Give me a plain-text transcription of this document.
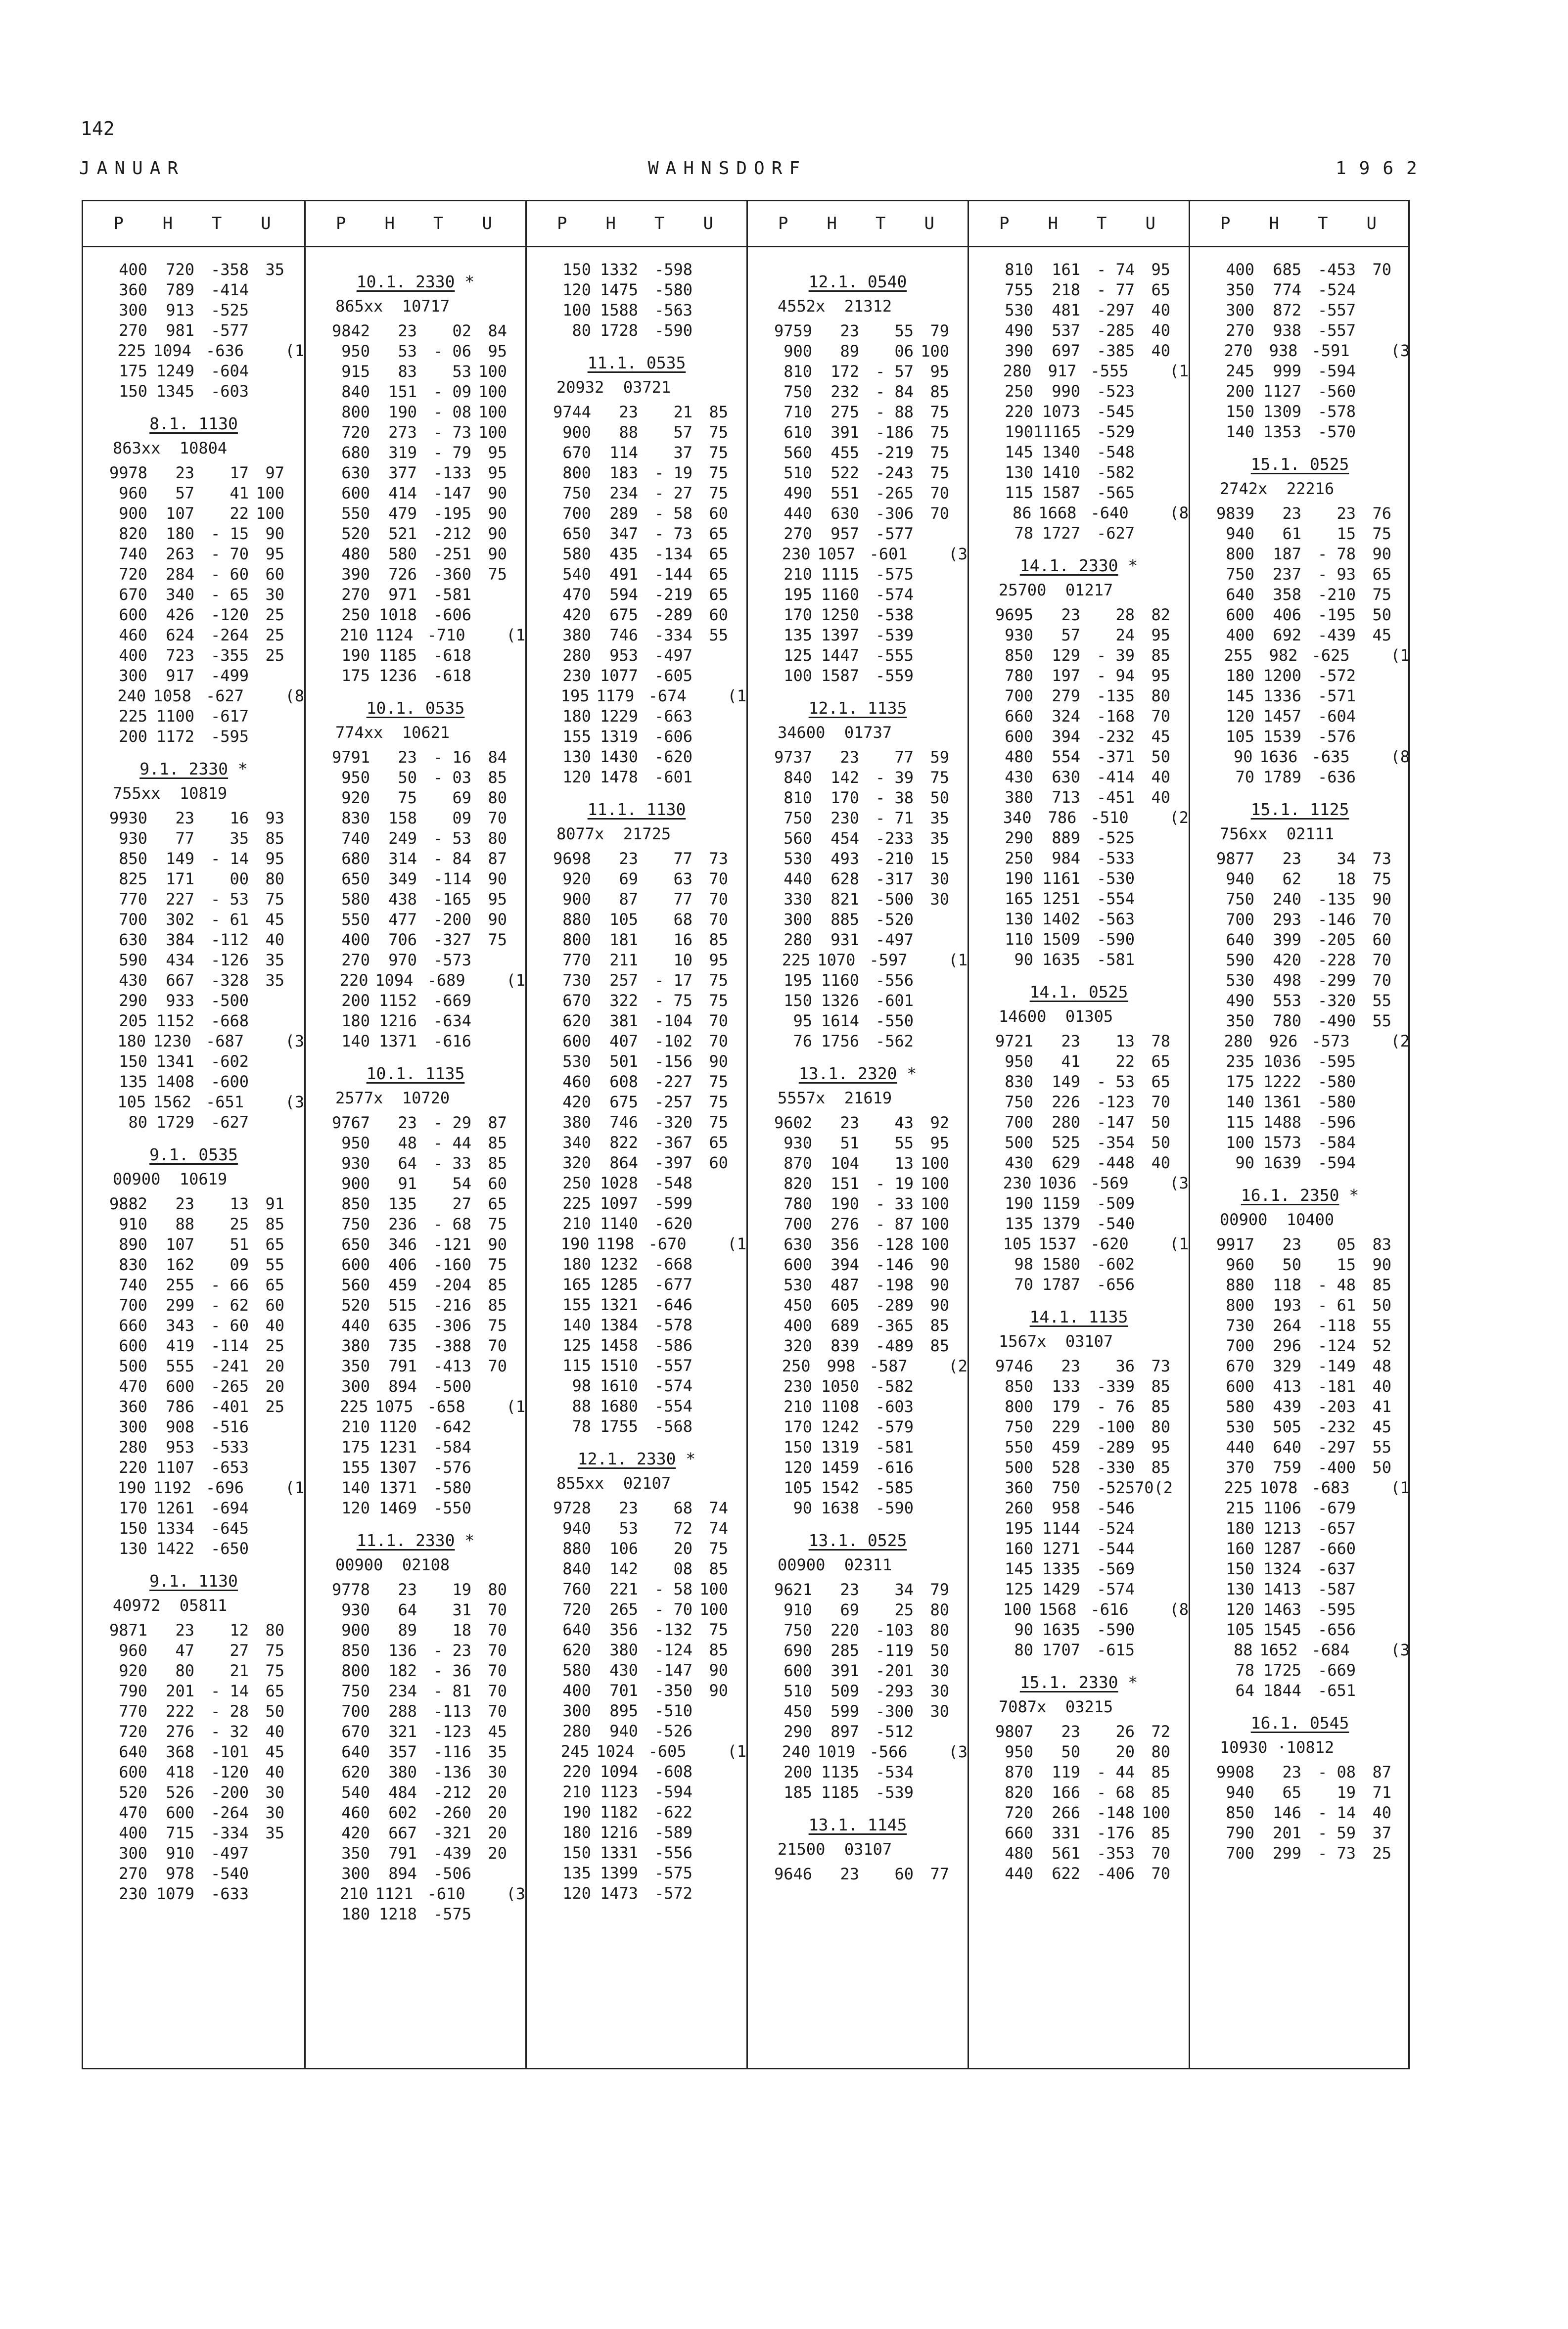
142
JANUAR	WAHNSDORF	1962
P	H	T	U
400	720	-358	35
360	789	-414
300	913	-525
270	981	-577
225 1094 -636	(1
175 1249	-604
150 1345	-603
8.1. 1130
863xx  10804
9978	23	17	97
960	57	41 100
900	107	22 100
820	180	- 15	90
740	263	- 70	95
720	284	- 60	60
670	340	- 65	30
600	426	-120	25
460	624	-264	25
400	723	-355	25
300	917	-499
240 1058 -627	(8
225 1100	-617
200 1172	-595
9.1. 2330 *
755xx  10819
9930	23	16	93
930	77	35	85
850	149	- 14	95
825	171	00	80
770	227	- 53	75
700	302	- 61	45
630	384	-112	40
590	434	-126	35
430	667	-328	35
290	933	-500
205 1152	-668
180 1230 -687	(3
150 1341	-602
135 1408	-600
105 1562 -651	(3
80 1729	-627
9.1. 0535
00900  10619
9882	23	13	91
910	88	25	85
890	107	51	65
830	162	09	55
740	255	- 66	65
700	299	- 62	60
660	343	- 60	40
600	419	-114	25
500	555	-241	20
470	600	-265	20
360	786	-401	25
300	908	-516
280	953	-533
220 1107	-653
190 1192 -696	(1
170 1261	-694
150 1334	-645
130 1422	-650
9.1. 1130
40972  05811
9871	23	12	80
960	47	27	75
920	80	21	75
790	201	- 14	65
770	222	- 28	50
720	276	- 32	40
640	368	-101	45
600	418	-120	40
520	526	-200	30
470	600	-264	30
400	715	-334	35
300	910	-497
270	978	-540
230 1079	-633
P	H	T	U
10.1. 2330 *
865xx  10717
9842	23	02	84
950	53	- 06	95
915	83	53 100
840	151	- 09 100
800	190	- 08 100
720	273	- 73 100
680	319	- 79	95
630	377	-133	95
600	414	-147	90
550	479	-195	90
520	521	-212	90
480	580	-251	90
390	726	-360	75
270	971	-581
250 1018	-606
210 1124 -710	(1
190 1185	-618
175 1236	-618
10.1. 0535
774xx  10621
9791	23	- 16	84
950	50	- 03	85
920	75	69	80
830	158	09	70
740	249	- 53	80
680	314	- 84	87
650	349	-114	90
580	438	-165	95
550	477	-200	90
400	706	-327	75
270	970	-573
220 1094 -689	(1
200 1152	-669
180 1216	-634
140 1371	-616
10.1. 1135
2577x  10720
9767	23	- 29	87
950	48	- 44	85
930	64	- 33	85
900	91	54	60
850	135	27	65
750	236	- 68	75
650	346	-121	90
600	406	-160	75
560	459	-204	85
520	515	-216	85
440	635	-306	75
380	735	-388	70
350	791	-413	70
300	894	-500
225 1075 -658	(1
210 1120	-642
175 1231	-584
155 1307	-576
140 1371	-580
120 1469	-550
11.1. 2330 *
00900  02108
9778	23	19	80
930	64	31	70
900	89	18	70
850	136	- 23	70
800	182	- 36	70
750	234	- 81	70
700	288	-113	70
670	321	-123	45
640	357	-116	35
620	380	-136	30
540	484	-212	20
460	602	-260	20
420	667	-321	20
350	791	-439	20
300	894	-506
210 1121 -610	(3
180 1218	-575
P	H	T	U
150 1332	-598
120 1475	-580
100 1588	-563
80 1728	-590
11.1. 0535
20932  03721
9744	23	21	85
900	88	57	75
670	114	37	75
800	183	- 19	75
750	234	- 27	75
700	289	- 58	60
650	347	- 73	65
580	435	-134	65
540	491	-144	65
470	594	-219	65
420	675	-289	60
380	746	-334	55
280	953	-497
230 1077	-605
195 1179 -674	(1
180 1229	-663
155 1319	-606
130 1430	-620
120 1478	-601
11.1. 1130
8077x  21725
9698	23	77	73
920	69	63	70
900	87	77	70
880	105	68	70
800	181	16	85
770	211	10	95
730	257	- 17	75
670	322	- 75	75
620	381	-104	70
600	407	-102	70
530	501	-156	90
460	608	-227	75
420	675	-257	75
380	746	-320	75
340	822	-367	65
320	864	-397	60
250 1028	-548
225 1097	-599
210 1140	-620
190 1198 -670	(1
180 1232	-668
165 1285	-677
155 1321	-646
140 1384	-578
125 1458	-586
115 1510	-557
98 1610	-574
88 1680	-554
78 1755	-568
12.1. 2330 *
855xx  02107
9728	23	68	74
940	53	72	74
880	106	20	75
840	142	08	85
760	221	- 58 100
720	265	- 70 100
640	356	-132	75
620	380	-124	85
580	430	-147	90
400	701	-350	90
300	895	-510
280	940	-526
245 1024 -605	(1
220 1094	-608
210 1123	-594
190 1182	-622
180 1216	-589
150 1331	-556
135 1399	-575
120 1473	-572
P	H	T	U
12.1. 0540
4552x  21312
9759	23	55	79
900	89	06 100
810	172	- 57	95
750	232	- 84	85
710	275	- 88	75
610	391	-186	75
560	455	-219	75
510	522	-243	75
490	551	-265	70
440	630	-306	70
270	957	-577
230 1057 -601	(3
210 1115	-575
195 1160	-574
170 1250	-538
135 1397	-539
125 1447	-555
100 1587	-559
12.1. 1135
34600  01737
9737	23	77	59
840	142	- 39	75
810	170	- 38	50
750	230	- 71	35
560	454	-233	35
530	493	-210	15
440	628	-317	30
330	821	-500	30
300	885	-520
280	931	-497
225 1070 -597	(1
195 1160	-556
150 1326	-601
95 1614	-550
76 1756	-562
13.1. 2320 *
5557x  21619
9602	23	43	92
930	51	55	95
870	104	13 100
820	151	- 19 100
780	190	- 33 100
700	276	- 87 100
630	356	-128 100
600	394	-146	90
530	487	-198	90
450	605	-289	90
400	689	-365	85
320	839	-489	85
250	998 -587	(2
230 1050	-582
210 1108	-603
170 1242	-579
150 1319	-581
120 1459	-616
105 1542	-585
90 1638	-590
13.1. 0525
00900  02311
9621	23	34	79
910	69	25	80
750	220	-103	80
690	285	-119	50
600	391	-201	30
510	509	-293	30
450	599	-300	30
290	897	-512
240 1019 -566	(3
200 1135	-534
185 1185	-539
13.1. 1145
21500  03107
9646	23	60	77
P	H	T	U
810	161	- 74	95
755	218	- 77	65
530	481	-297	40
490	537	-285	40
390	697	-385	40
280	917 -555	(1
250	990	-523
220 1073	-545
190 11165 -529
145 1340	-548
130 1410	-582
115 1587	-565
86 1668 -640	(8
78 1727	-627
14.1. 2330 *
25700  01217
9695	23	28	82
930	57	24	95
850	129	- 39	85
780	197	- 94	95
700	279	-135	80
660	324	-168	70
600	394	-232	45
480	554	-371	50
430	630	-414	40
380	713	-451	40
340	786 -510	(2
290	889	-525
250	984	-533
190 1161	-530
165 1251	-554
130 1402	-563
110 1509	-590
90 1635	-581
14.1. 0525
14600  01305
9721	23	13	78
950	41	22	65
830	149	- 53	65
750	226	-123	70
700	280	-147	50
500	525	-354	50
430	629	-448	40
230 1036 -569	(3
190 1159	-509
135 1379	-540
105 1537 -620	(1
98 1580	-602
70 1787	-656
14.1. 1135
1567x  03107
9746	23	36	73
850	133	-339	85
800	179	- 76	85
750	229	-100	80
550	459	-289	95
500	528	-330	85
360	750	-525 70(2
260	958	-546
195 1144	-524
160 1271	-544
145 1335	-569
125 1429	-574
100 1568 -616	(8
90 1635	-590
80 1707	-615
15.1. 2330 *
7087x  03215
9807	23	26	72
950	50	20	80
870	119	- 44	85
820	166	- 68	85
720	266	-148 100
660	331	-176	85
480	561	-353	70
440	622	-406	70
P	H	T	U
400	685	-453	70
350	774	-524
300	872	-557
270	938	-557
270	938 -591	(3
245	999	-594
200 1127	-560
150 1309	-578
140 1353	-570
15.1. 0525
2742x  22216
9839	23	23	76
940	61	15	75
800	187	- 78	90
750	237	- 93	65
640	358	-210	75
600	406	-195	50
400	692	-439	45
255	982 -625	(1
180 1200	-572
145 1336	-571
120 1457	-604
105 1539	-576
90 1636 -635	(8
70 1789	-636
15.1. 1125
756xx  02111
9877	23	34	73
940	62	18	75
750	240	-135	90
700	293	-146	70
640	399	-205	60
590	420	-228	70
530	498	-299	70
490	553	-320	55
350	780	-490	55
280	926 -573	(2
235 1036	-595
175 1222	-580
140 1361	-580
115 1488	-596
100 1573	-584
90 1639	-594
16.1. 2350 *
00900  10400
9917	23	05	83
960	50	15	90
880	118	- 48	85
800	193	- 61	50
730	264	-118	55
700	296	-124	52
670	329	-149	48
600	413	-181	40
580	439	-203	41
530	505	-232	45
440	640	-297	55
370	759	-400	50
225 1078 -683	(1
215 1106	-679
180 1213	-657
160 1287	-660
150 1324	-637
130 1413	-587
120 1463	-595
105 1545	-656
88 1652 -684	(3
78 1725	-669
64 1844	-651
16.1. 0545
10930 ·10812
9908	23	- 08	87
940	65	19	71
850	146	- 14	40
790	201	- 59	37
700	299	- 73	25
